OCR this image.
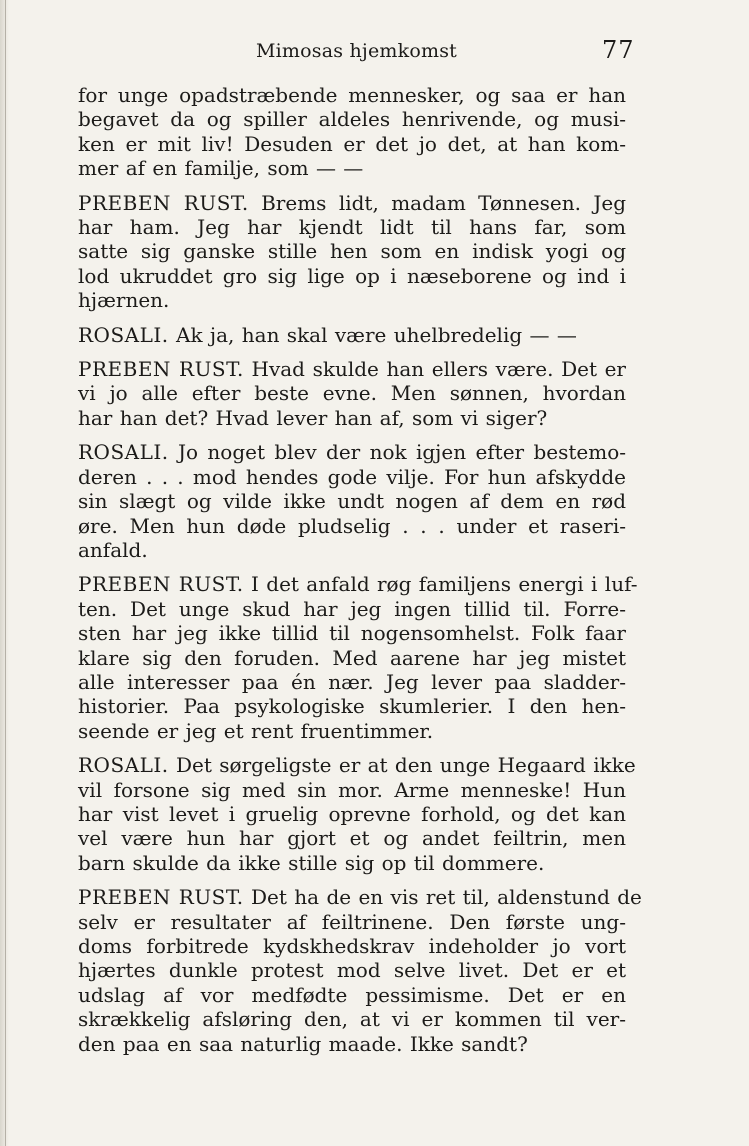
Mimosas hjemkomst	77
for unge opadstræbende mennesker, og saa er han
begavet da og spiller aldeles henrivende, og musi-
ken er mit liv! Desuden er det jo det, at han kom-
mer af en familje, som — —
PREBEN RUST. Brems lidt, madam Tønnesen. Jeg
har ham. Jeg har kjendt lidt til hans far, som
satte sig ganske stille hen som en indisk yogi og
lod ukruddet gro sig lige op i næseborene og ind i
hjærnen.
ROSALI. Ak ja, han skal være uhelbredelig — —
PREBEN RUST. Hvad skulde han ellers være. Det er
vi jo alle efter beste evne. Men sønnen, hvordan
har han det? Hvad lever han af, som vi siger?
ROSALI. Jo noget blev der nok igjen efter bestemo-
deren . . . mod hendes gode vilje. For hun afskydde
sin slægt og vilde ikke undt nogen af dem en rød
øre. Men hun døde pludselig . . . under et raseri-
anfald.
PREBEN RUST. I det anfald røg familjens energi i luf-
ten. Det unge skud har jeg ingen tillid til. Forre-
sten har jeg ikke tillid til nogensomhelst. Folk faar
klare sig den foruden. Med aarene har jeg mistet
alle interesser paa én nær. Jeg lever paa sladder-
historier. Paa psykologiske skumlerier. I den hen-
seende er jeg et rent fruentimmer.
ROSALI. Det sørgeligste er at den unge Hegaard ikke
vil forsone sig med sin mor. Arme menneske! Hun
har vist levet i gruelig oprevne forhold, og det kan
vel være hun har gjort et og andet feiltrin, men
barn skulde da ikke stille sig op til dommere.
PREBEN RUST. Det ha de en vis ret til, aldenstund de
selv er resultater af feiltrinene. Den første ung-
doms forbitrede kydskhedskrav indeholder jo vort
hjærtes dunkle protest mod selve livet. Det er et
udslag af vor medfødte pessimisme. Det er en
skrækkelig afsløring den, at vi er kommen til ver-
den paa en saa naturlig maade. Ikke sandt?
